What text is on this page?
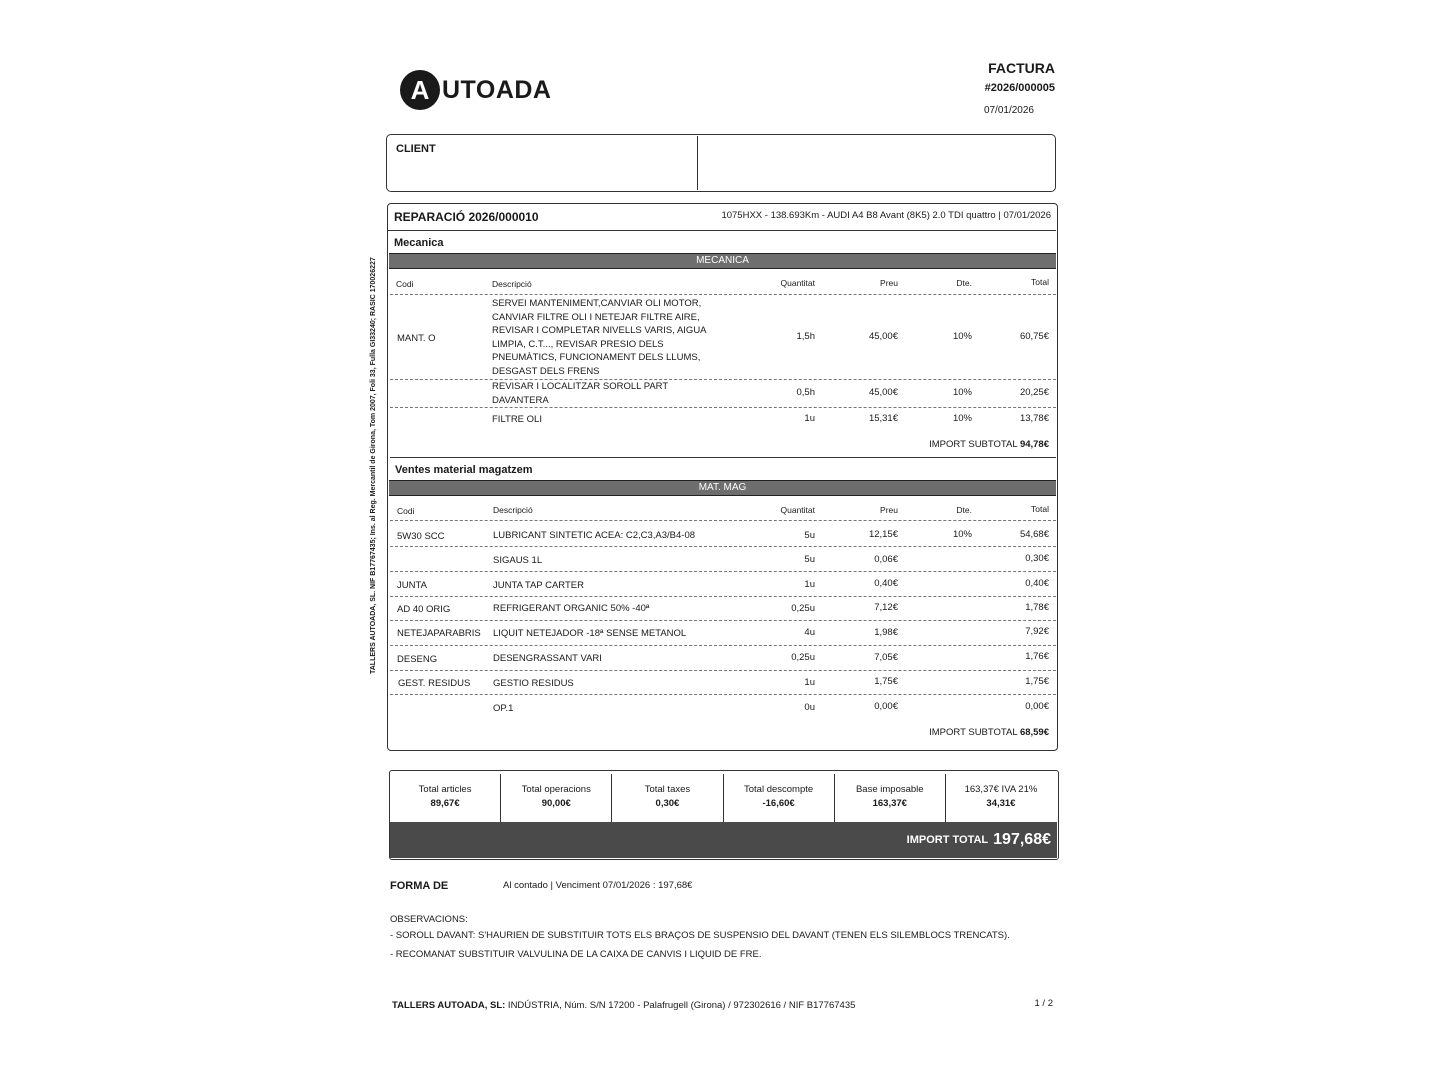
A UTOADA
FACTURA
#2026/000005
07/01/2026
CLIENT
TALLERS AUTOADA, SL. NIF B17767435; Ins. al Reg. Mercantil de Girona, Tom 2007, Foli 33, Fulla GI33240; RASIC 170026227
REPARACIÓ 2026/000010	1075HXX - 138.693Km - AUDI A4 B8 Avant (8K5) 2.0 TDI quattro | 07/01/2026
Mecanica
MECANICA
Codi	Descripció	Quantitat	Preu	Dte.	Total
MANT. O
SERVEI MANTENIMENT,CANVIAR OLI MOTOR,
CANVIAR FILTRE OLI I NETEJAR FILTRE AIRE,
REVISAR I COMPLETAR NIVELLS VARIS, AIGUA
LIMPIA, C.T..., REVISAR PRESIO DELS
PNEUMÀTICS, FUNCIONAMENT DELS LLUMS,
DESGAST DELS FRENS
1,5h	45,00€	10%	60,75€
REVISAR I LOCALITZAR SOROLL PART
DAVANTERA
0,5h	45,00€	10%	20,25€
FILTRE OLI	1u	15,31€	10%	13,78€
IMPORT SUBTOTAL 94,78€
Ventes material magatzem
MAT. MAG
Codi	Descripció	Quantitat	Preu	Dte.	Total
5W30 SCC	LUBRICANT SINTETIC ACEA: C2,C3,A3/B4-08	5u	12,15€	10%	54,68€
SIGAUS 1L	5u	0,06€	0,30€
JUNTA	JUNTA TAP CARTER	1u	0,40€	0,40€
AD 40 ORIG	REFRIGERANT ORGANIC 50% -40ª	0,25u	7,12€	1,78€
NETEJAPARABRIS LIQUIT NETEJADOR -18ª SENSE METANOL	4u	1,98€	7,92€
DESENG	DESENGRASSANT VARI	0,25u	7,05€	1,76€
GEST. RESIDUS GESTIO RESIDUS	1u	1,75€	1,75€
OP.1	0u	0,00€	0,00€
IMPORT SUBTOTAL 68,59€
Total articles
89,67€
Total operacions
90,00€
Total taxes
0,30€
Total descompte
-16,60€
Base imposable
163,37€
163,37€ IVA 21%
34,31€
IMPORT TOTAL 197,68€
FORMA DE	Al contado | Venciment 07/01/2026 : 197,68€
OBSERVACIONS:
- SOROLL DAVANT: S'HAURIEN DE SUBSTITUIR TOTS ELS BRAÇOS DE SUSPENSIO DEL DAVANT (TENEN ELS SILEMBLOCS TRENCATS).
- RECOMANAT SUBSTITUIR VALVULINA DE LA CAIXA DE CANVIS I LIQUID DE FRE.
TALLERS AUTOADA, SL: INDÚSTRIA, Núm. S/N 17200 - Palafrugell (Girona) / 972302616 / NIF B17767435	1 / 2
